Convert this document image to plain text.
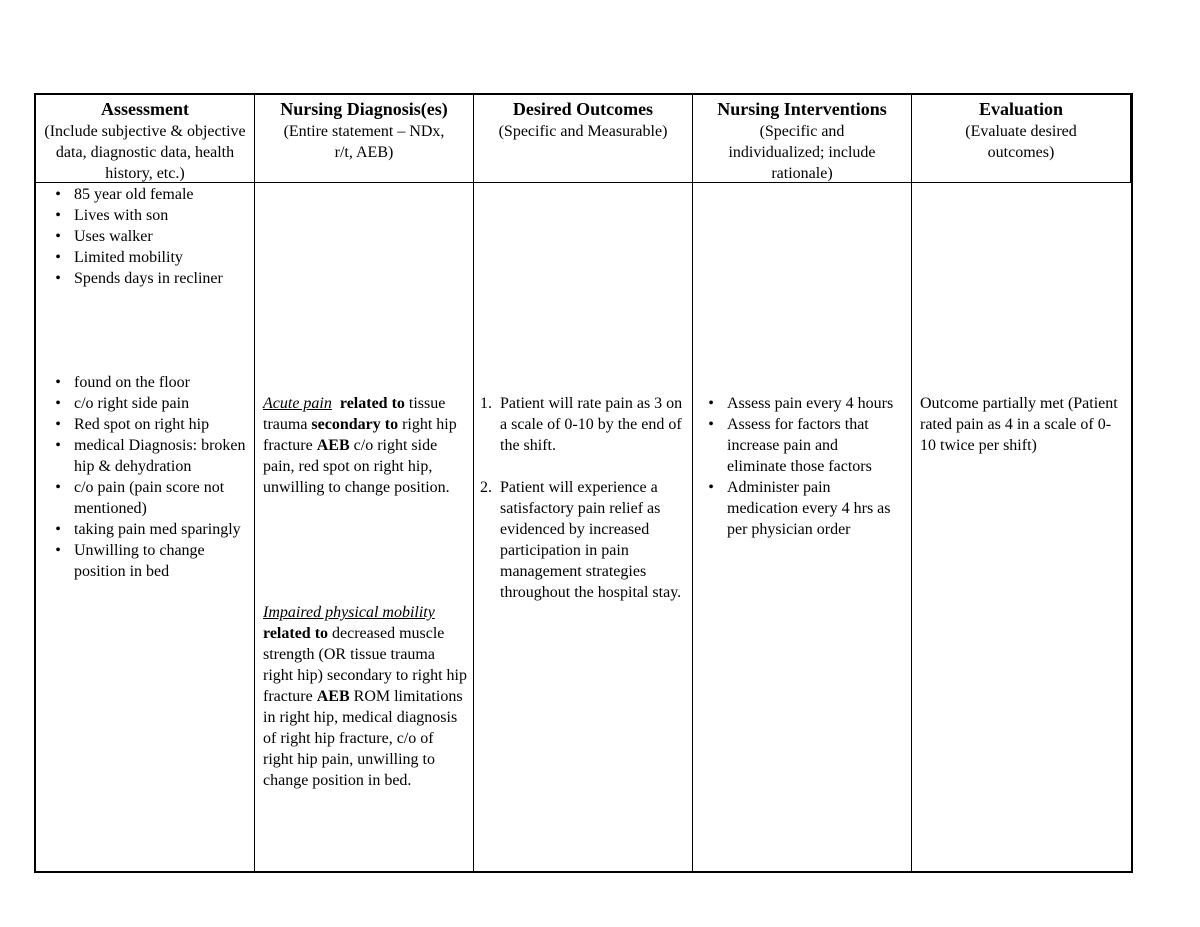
Assessment
(Include subjective & objective data, diagnostic data, health history, etc.)
Nursing Diagnosis(es)
(Entire statement – NDx, r/t, AEB)
Desired Outcomes
(Specific and Measurable)
Nursing Interventions
(Specific and individualized; include rationale)
Evaluation
(Evaluate desired outcomes)
• 85 year old female
• Lives with son
• Uses walker
• Limited mobility
• Spends days in recliner
• found on the floor
• c/o right side pain
• Red spot on right hip
• medical Diagnosis: broken hip & dehydration
• c/o pain (pain score not mentioned)
• taking pain med sparingly
• Unwilling to change position in bed
Acute pain related to tissue trauma secondary to right hip fracture AEB c/o right side pain, red spot on right hip, unwilling to change position.
Impaired physical mobility
related to decreased muscle strength (OR tissue trauma right hip) secondary to right hip fracture AEB ROM limitations in right hip, medical diagnosis of right hip fracture, c/o of right hip pain, unwilling to change position in bed.
1. Patient will rate pain as 3 on a scale of 0-10 by the end of the shift.
2. Patient will experience a satisfactory pain relief as evidenced by increased participation in pain management strategies throughout the hospital stay.
• Assess pain every 4 hours
• Assess for factors that increase pain and eliminate those factors
• Administer pain medication every 4 hrs as per physician order
Outcome partially met (Patient rated pain as 4 in a scale of 0-10 twice per shift)
